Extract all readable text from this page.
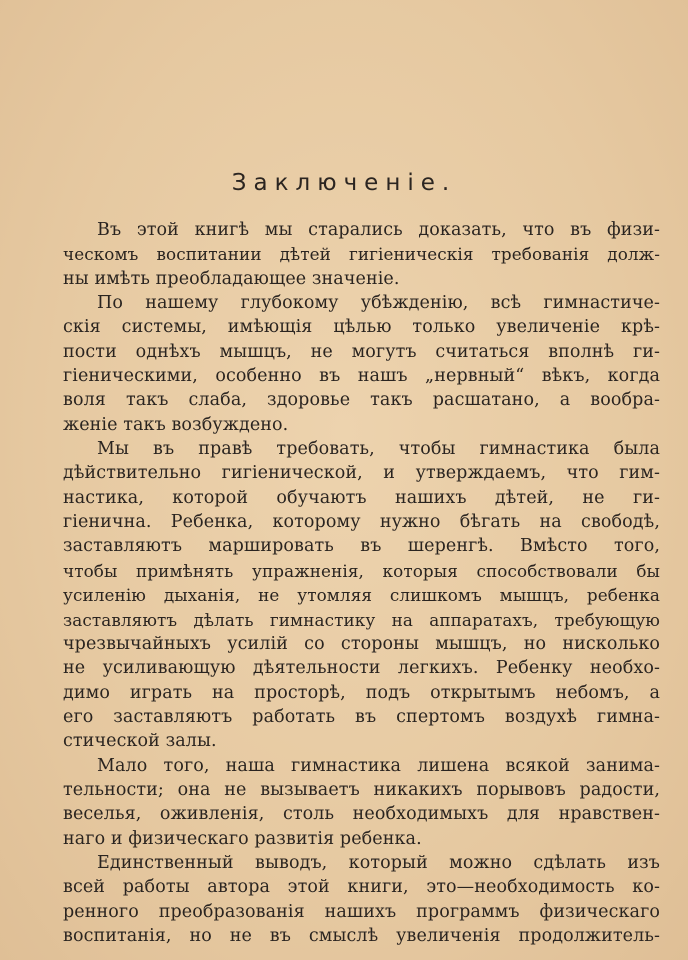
Заключенiе.
Въ этой книгѣ мы старались доказать, что въ физи-
ческомъ воспитании дѣтей гигiеническiя требованiя долж-
ны имѣть преобладающее значенiе.
По нашему глубокому убѣжденiю, всѣ гимнастиче-
скiя системы, имѣющiя цѣлью только увеличенiе крѣ-
пости однѣхъ мышцъ, не могутъ считаться вполнѣ ги-
гiеническими, особенно въ нашъ „нервный“ вѣкъ, когда
воля такъ слаба, здоровье такъ расшатано, а вообра-
женiе такъ возбуждено.
Мы въ правѣ требовать, чтобы гимнастика была
дѣйствительно гигiенической, и утверждаемъ, что гим-
настика, которой обучаютъ нашихъ дѣтей, не ги-
гiенична. Ребенка, которому нужно бѣгать на свободѣ,
заставляютъ маршировать въ шеренгѣ. Вмѣсто того,
чтобы примѣнять упражненiя, которыя способствовали бы
усиленiю дыханiя, не утомляя слишкомъ мышцъ, ребенка
заставляютъ дѣлать гимнастику на аппаратахъ, требующую
чрезвычайныхъ усилiй со стороны мышцъ, но нисколько
не усиливающую дѣятельности легкихъ. Ребенку необхо-
димо играть на просторѣ, подъ открытымъ небомъ, а
его заставляютъ работать въ спертомъ воздухѣ гимна-
стической залы.
Мало того, наша гимнастика лишена всякой занима-
тельности; она не вызываетъ никакихъ порывовъ радости,
веселья, оживленiя, столь необходимыхъ для нравствен-
наго и физическаго развитiя ребенка.
Единственный выводъ, который можно сдѣлать изъ
всей работы автора этой книги, это—необходимость ко-
ренного преобразованiя нашихъ программъ физическаго
воспитанiя, но не въ смыслѣ увеличенiя продолжитель-
